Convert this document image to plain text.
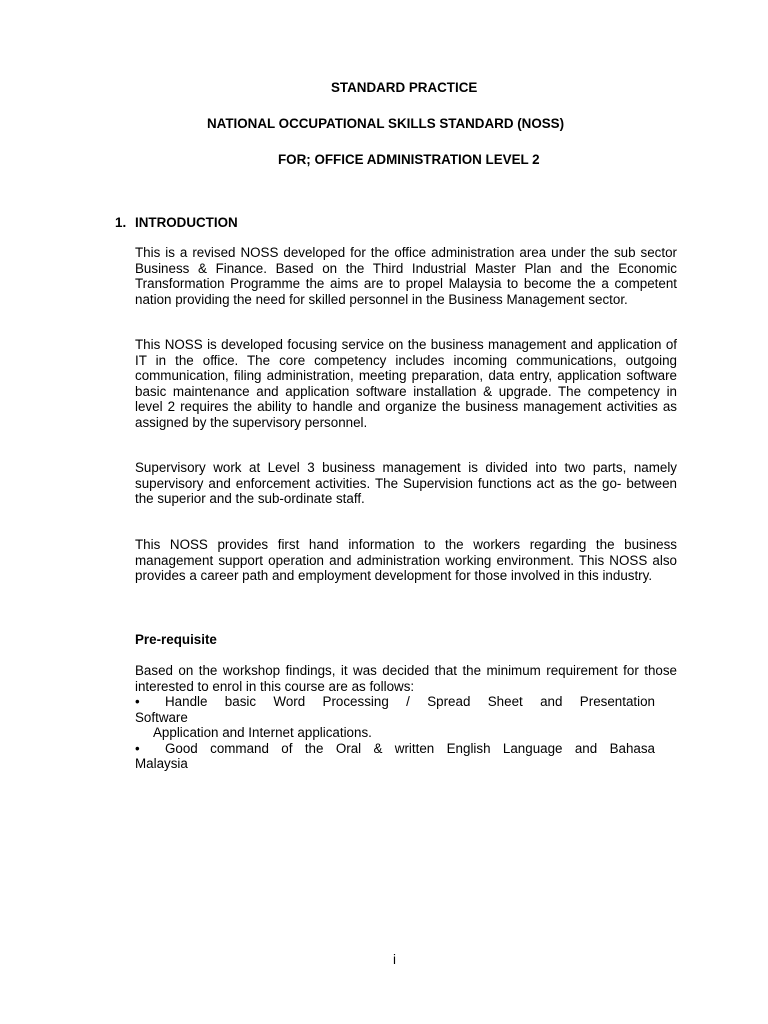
STANDARD PRACTICE
NATIONAL OCCUPATIONAL SKILLS STANDARD (NOSS)
FOR; OFFICE ADMINISTRATION LEVEL 2
1. INTRODUCTION

This is a revised NOSS developed for the office administration area under the sub sector Business & Finance. Based on the Third Industrial Master Plan and the Economic Transformation Programme the aims are to propel Malaysia to become the a competent nation providing the need for skilled personnel in the Business Management sector.

This NOSS is developed focusing service on the business management and application of IT in the office. The core competency includes incoming communications, outgoing communication, filing administration, meeting preparation, data entry, application software basic maintenance and application software installation & upgrade. The competency in level 2 requires the ability to handle and organize the business management activities as assigned by the supervisory personnel.

Supervisory work at Level 3 business management is divided into two parts, namely supervisory and enforcement activities. The Supervision functions act as the go- between the superior and the sub-ordinate staff.

This NOSS provides first hand information to the workers regarding the business management support operation and administration working environment. This NOSS also provides a career path and employment development for those involved in this industry.

Pre-requisite

Based on the workshop findings, it was decided that the minimum requirement for those interested to enrol in this course are as follows:

• Handle basic Word Processing / Spread Sheet and Presentation
Software
Application and Internet applications.
• Good command of the Oral & written English Language and Bahasa
Malaysia
i
